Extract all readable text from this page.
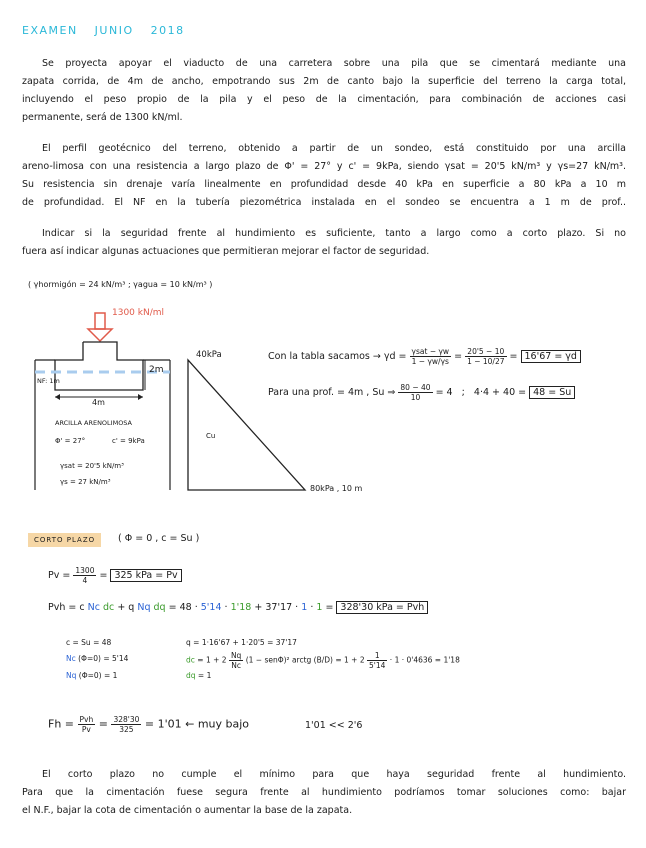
EXAMEN JUNIO 2018
Se proyecta apoyar el viaducto de una carretera sobre una pila que se cimentará mediante una
zapata corrida, de 4m de ancho, empotrando sus 2m de canto bajo la superficie del terreno la carga total,
incluyendo el peso propio de la pila y el peso de la cimentación, para combinación de acciones casi
permanente, será de 1300 kN/ml.
El perfil geotécnico del terreno, obtenido a partir de un sondeo, está constituido por una arcilla
areno-limosa con una resistencia a largo plazo de Φ' = 27° y c' = 9kPa, siendo γsat = 20'5 kN/m³ y γs=27 kN/m³.
Su resistencia sin drenaje varía linealmente en profundidad desde 40 kPa en superficie a 80 kPa a 10 m
de profundidad. El NF en la tubería piezométrica instalada en el sondeo se encuentra a 1 m de prof..
Indicar si la seguridad frente al hundimiento es suficiente, tanto a largo como a corto plazo. Si no
fuera así indicar algunas actuaciones que permitieran mejorar el factor de seguridad.
( γhormigón = 24 kN/m³ ; γagua = 10 kN/m³ )
1300 kN/ml
NF: 1m
2m
4m
ARCILLA ARENOLIMOSA
Φ' = 27°	c' = 9kPa
γsat = 20'5 kN/m³
γs = 27 kN/m³
40kPa
Cu
80kPa , 10 m
Con la tabla sacamos → $\gamma d = \frac{\text{γsat − γw}}{1 - \gamma w/\gamma s} = \frac{20'5 - 10}{1 - 10/27} = 16'67 = \gamma d$
Para una prof. = 4m , Su ⇒ $\frac{80 - 40}{10} = 4$ ; 4·4 + 40 = 48 = Su
CORTO PLAZO	( Φ = 0 , c = Su )
$Pv = \frac{1300}{4} = 325$ kPa = Pv
Pvh = c Nc dc + q Nq dq = 48 · 5'14 · 1'18 + 37'17 · 1 · 1 = 328'30 kPa = Pvh
c = Su = 48
Nc (Φ=0) = 5'14
Nq (Φ=0) = 1
q = 1·16'67 + 1·20'5 = 37'17
dc = $1 + 2 \frac{Nq}{Nc} (1 - sen\Phi)^2$ arctg $(B/D) = 1 + 2 \frac{1}{5'14} \cdot 1 \cdot 0'4636 = 1'18$
dq = 1
$Fh = \frac{\text{Pvh}}{Pv} = \frac{328'30}{325} = 1'01$ ← muy bajo	1'01 << 2'6
El corto plazo no cumple el mínimo para que haya seguridad frente al hundimiento.
Para que la cimentación fuese segura frente al hundimiento podríamos tomar soluciones como: bajar
el N.F., bajar la cota de cimentación o aumentar la base de la zapata.
